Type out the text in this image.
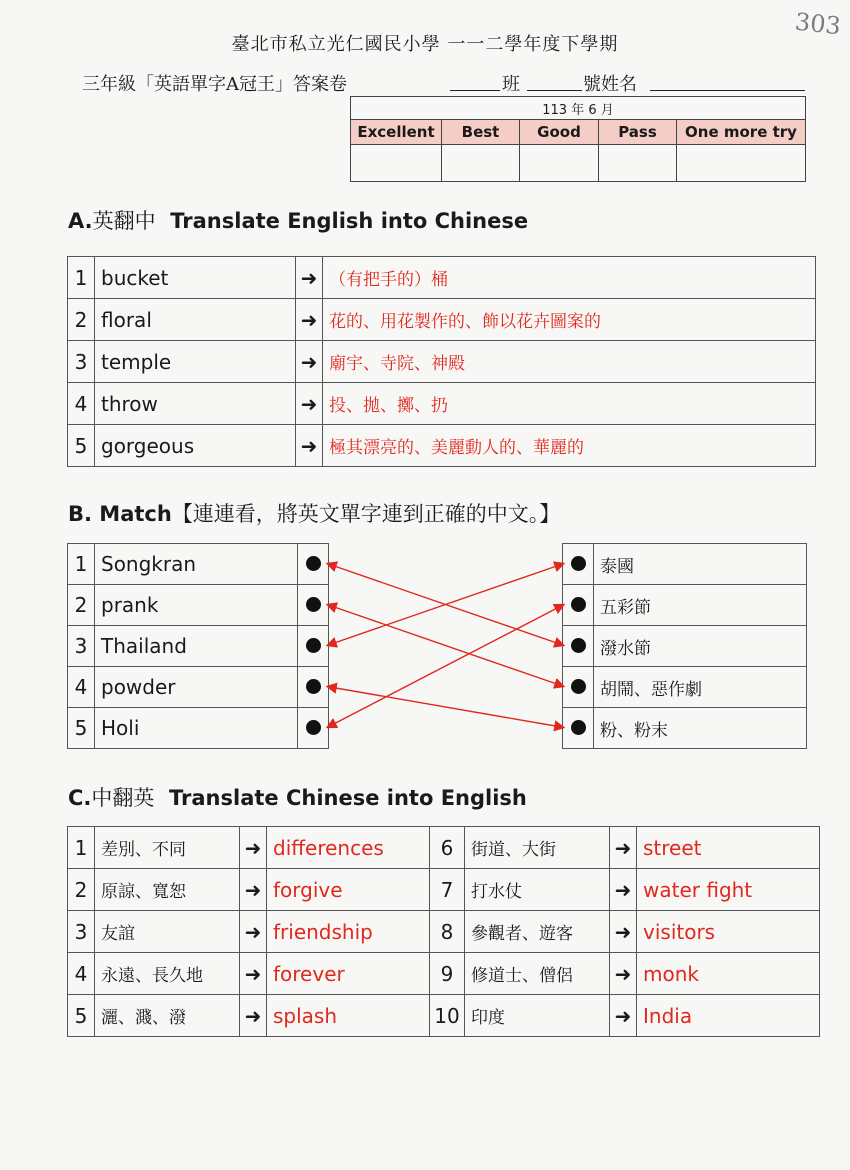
303
臺北市私立光仁國民小學 一一二學年度下學期
三年級「英語單字A冠王」答案卷	班	號姓名
113 年 6 月				
Excellent	Best	Good	Pass	One more try

A.英翻中 Translate English into Chinese
1	bucket	➜	（有把手的）桶
2	floral	➜	花的、用花製作的、飾以花卉圖案的
3	temple	➜	廟宇、寺院、神殿
4	throw	➜	投、拋、擲、扔
5	gorgeous	➜	極其漂亮的、美麗動人的、華麗的
B. Match【連連看，將英文單字連到正確的中文。】
1	Songkran	
2	prank	
3	Thailand	
4	powder	
5	Holi	
	泰國
	五彩節
	潑水節
	胡鬧、惡作劇
	粉、粉末
C.中翻英 Translate Chinese into English
1	差別、不同	➜	differences	6	街道、大街	➜	street
2	原諒、寬恕	➜	forgive	7	打水仗	➜	water fight
3	友誼	➜	friendship	8	參觀者、遊客	➜	visitors
4	永遠、長久地	➜	forever	9	修道士、僧侶	➜	monk
5	灑、濺、潑	➜	splash	10	印度	➜	India
